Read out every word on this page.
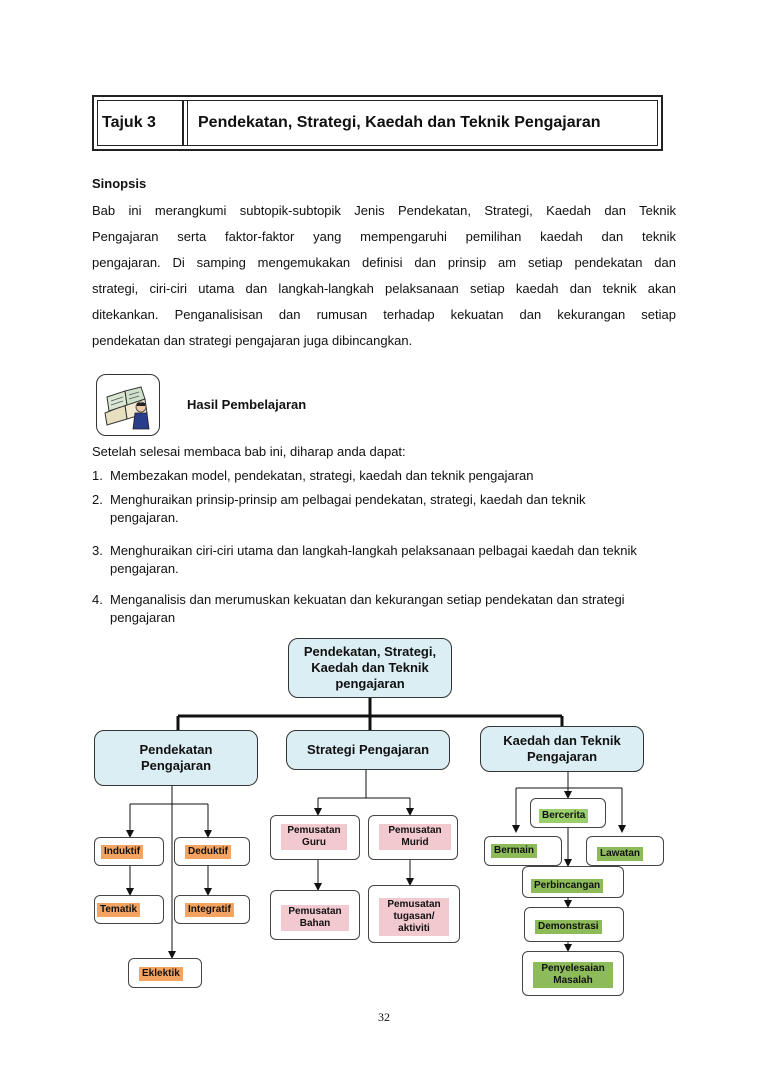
Tajuk 3	Pendekatan, Strategi, Kaedah dan Teknik Pengajaran
Sinopsis
Bab ini merangkumi subtopik-subtopik Jenis Pendekatan, Strategi, Kaedah dan Teknik
Pengajaran serta faktor-faktor yang mempengaruhi pemilihan kaedah dan teknik
pengajaran. Di samping mengemukakan definisi dan prinsip am setiap pendekatan dan
strategi, ciri-ciri utama dan langkah-langkah pelaksanaan setiap kaedah dan teknik akan
ditekankan. Penganalisisan dan rumusan terhadap kekuatan dan kekurangan setiap
pendekatan dan strategi pengajaran juga dibincangkan.
Hasil Pembelajaran
Setelah selesai membaca bab ini, diharap anda dapat:
1. Membezakan model, pendekatan, strategi, kaedah dan teknik pengajaran
2. Menghuraikan prinsip-prinsip am pelbagai pendekatan, strategi, kaedah dan teknik pengajaran.
3. Menghuraikan ciri-ciri utama dan langkah-langkah pelaksanaan pelbagai kaedah dan teknik pengajaran.
4. Menganalisis dan merumuskan kekuatan dan kekurangan setiap pendekatan dan strategi pengajaran
Pendekatan, Strategi, Kaedah dan Teknik pengajaran
Pendekatan Pengajaran
Strategi Pengajaran
Kaedah dan Teknik Pengajaran
Induktif	Deduktif
Tematik	Integratif
Eklektik
Pemusatan Guru
Pemusatan Murid
Pemusatan Bahan
Pemusatan tugasan/ aktiviti
Bercerita
Bermain	Lawatan
Perbincangan
Demonstrasi
Penyelesaian Masalah
32
